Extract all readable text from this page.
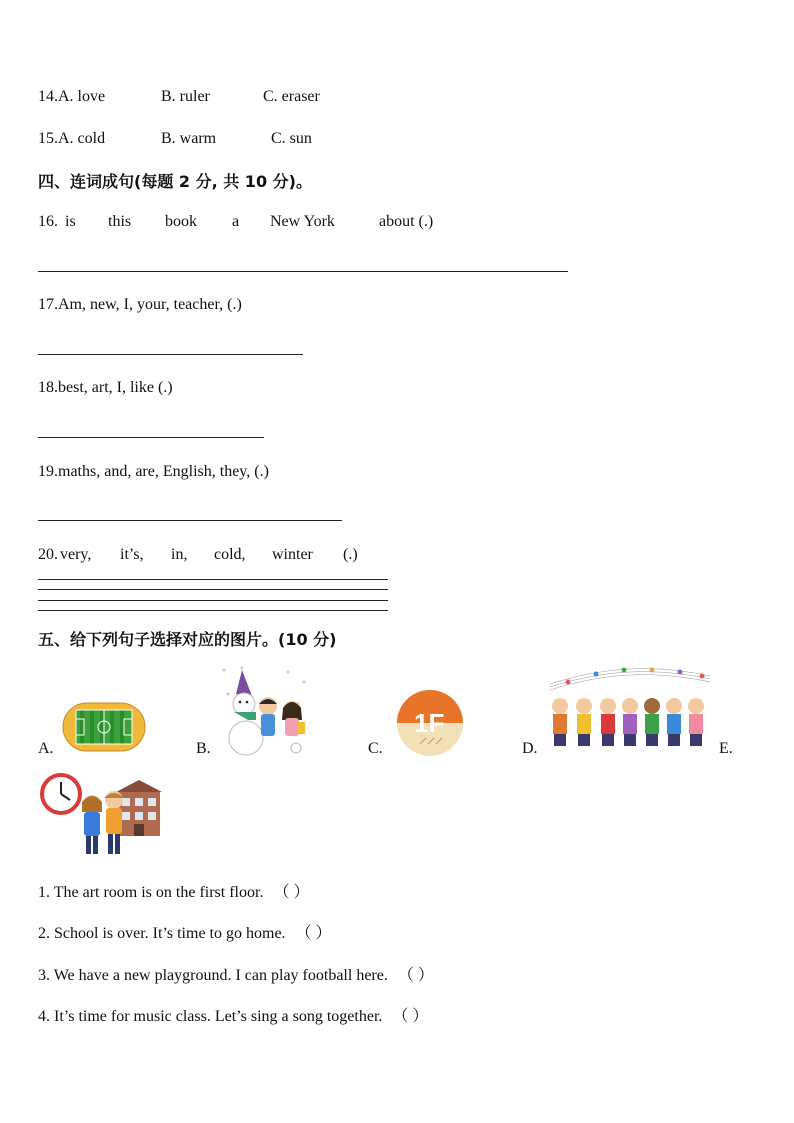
14.A. love	B. ruler	C. eraser
15.A. cold	B. warm	C. sun
四、连词成句(每题 2 分, 共 10 分)。
16. is this book a New York	about (.)
17.Am, new, I, your, teacher, (.)
18.best, art, I, like (.)
19.maths, and, are, English, they, (.)
20. very, it’s, in, cold, winter (.)
五、给下列句子选择对应的图片。(10 分)
A.	B.	C.	D.	E.
1F
1. The art room is on the first floor. （ ）
2. School is over. It’s time to go home. （ ）
3. We have a new playground. I can play football here. （ ）
4. It’s time for music class. Let’s sing a song together. （ ）
